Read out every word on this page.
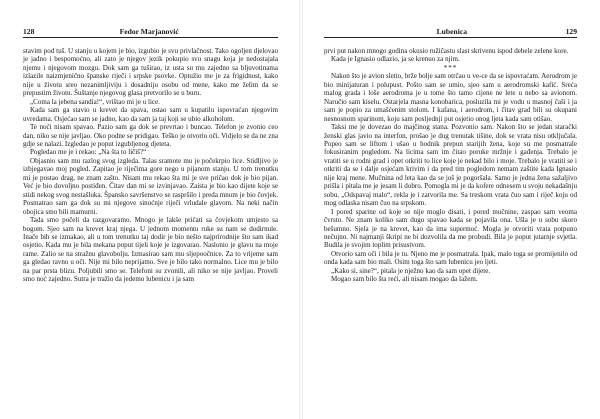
128	Fedor Marjanović

stavim pod tuš. U stanju u kojem je bio, izgubio je svu privlačnost. Tako ogoljen djelovao je jadno i bespomoćno, ali zato je njegov jezik pokupio svu snagu koja je nedostajala njemu i njegovom mozgu. Dok sam ga tuširao, iz usta su mu zajedno sa bljuvotinama izlazile naizmjenično španske riječi i srpske psovke. Optužio me je za frigidnost, kako nije u životu sreo nezanimljiviju i dosadniju osobu od mene, kako me želim da se prepustim životu. Šuštanje njegovog glasa pretvorilo se u buru.

„Coma la jebena sandia!“, vrištao mi je u lice.

Kada sam ga stavio u krevet da spava, ostao sam u kupatilu ispovraćan njegovim uvredama. Osjećao sam se jadno, kao da sam ja taj koji se ubio alkoholom.

Te noći nisam spavao. Pazio sam ga dok se prevrtao i buncao. Telefon je zvonio ceo dan, niko se nije javljao. Oko podne se pridigao. Teško je otvorio oči. Vidjelo se da ne zna gdje se nalazi. Izgledao je poput izgubljenog djeteta.

Pogledao me je i rekao: „Na šta to ličiš?“

Objasnio sam mu razlog svog izgleda. Talas sramote mu je počekrpio lice. Stidljivo je izbjegavao moj pogled. Zapitao je riječima gore nego u pijanom stanju. U tom trenutku mi je postao drag, ne znam zašto. Nisam mu rekao šta mi je sve pričao dok je bio pijan. Već je bio dovoljno postiđen. Čitav dan mi se izvinjavao. Zaista je bio kao dijete koje se stidi nekog svog nestašluka. Špansko savršenstvo se raspršilo i preda mnom je bio čovjek. Posmatrao sam ga dok su mi njegove sinoćnje riječi vrludale glavom. Na neki način obojica smo bili mamurni.

Tada smo počeli da razgovaramo. Mnogo je lakše pričati sa čovjekom umjesto sa bogom. Sjeo sam na krevet kraj njega. U jednom momentu ruke su nam se dodirnule. Inače bih se izmakao, ali u tom trenutku taj dodir je bio nešto najprirodnije što sam ikad osjetio. Kada mu je bila mekana poput tijeli koje je izgovarao. Naslonio je glavu na moje rame. Zalio se na stražnu glavobolju. Izmasirao sam mu sljepoočnice. Za to vrijeme sam ga gledao ravno u oči. Nije mi bilo neprijatno. Sve je bilo tako normalno. Lice mu je bilo na par prsta blizu. Poljubili smo se. Telefoni su zvonili, ali niko se nije javljao. Proveli smo noć zajedno. Sutra je tražio da jedemo lubenicu i ja sam

Lubenica	129

prvi put nakon mnogo godina okusio ružičastu slast skrivenu ispod debele zelene kore.

Kada je Ignasio odlazio, ja se krenuo za njim.

***

Nakon što je avion sletio, brže bolje sam otrčao u ve-ce da se ispovraćam. Aerodrom je bio minijaturan i polupust. Pošto sam se umio, sjeo sam u aerodromski kafić. Sreća malog grada i loše aerodroma je u tome što tamo cijene ne lete u nebo sa avionom. Naručio sam kiselu. Ostarjela masna konobarica, posluzila mi je vodu u masnoj čaši i ja sam je popio za umašćenim stolom. I kafana, i aerodrom, i čitav grad bili su okupani nesnosnom sparinom, koju sam posljednji put osjetio onog ljeta kada sam otišao.

Taksi me je dovezao do majčinog stana. Pozvonio sam. Nakon što se jedan starački ženski glas javio na interfon, prošao je dug trenutak tišine, dok se vrata nisu otključala. Popeo sam se liftom i ušao u hodnik prepun starijih žena, koje su me posmatrale fokusiranim pogledom. Na licima sam im čitao poruke mržnje i gađenja. Trebalo je vratiti se u rodni grad i opet otkriti to lice koje je nekad bilo i moje. Trebalo je vratiti se i otkriti da se i dalje osjećam krivim i da pred tim pogledom nemam zaštite kada Ignasio nije kraj mene. Mučnina od leta kao da se još je pogoršala. Samo je jedna žena sažaljivo prišla i pitala me je jesam li dobro. Pomogla mi je da kofere odnesem u svoju nekadašnju sobu. „Odspavaj malo“, rekla je i zatvorila me. Sa treskom vrata čuo sam i riječ koju od mog odlaska nisam čuo na srpskom.

I pored sparine od koje se nije moglo disati, i pored mučnine, zaspao sam veoma čvrsto. Ne znam koliko sam dugo spavao kada se pojavila ona. Ušla je u sobu skoro bešumno. Sjela je na krevet, kao da ima supermoć. Mogla je otvoriti vrata potpuno nečujno. Ni najmanji škripi ne bi dozvolila da me probudi. Bila je poput jutarnje svjetla. Budila je svojim toplim prisustvom.

Otvorio sam oči i bila je tu. Njeno me je posmatrala. Ipak, malo toga se promijenilo od onda kada sam bio mali. Osim toga što sam lubenicu jeo ljeti.

„Kako si, sine?“, pitala je nježno kao da sam opet dijete.

Mogao sam bilo šta reći, ali nisam mogao da lažem.
